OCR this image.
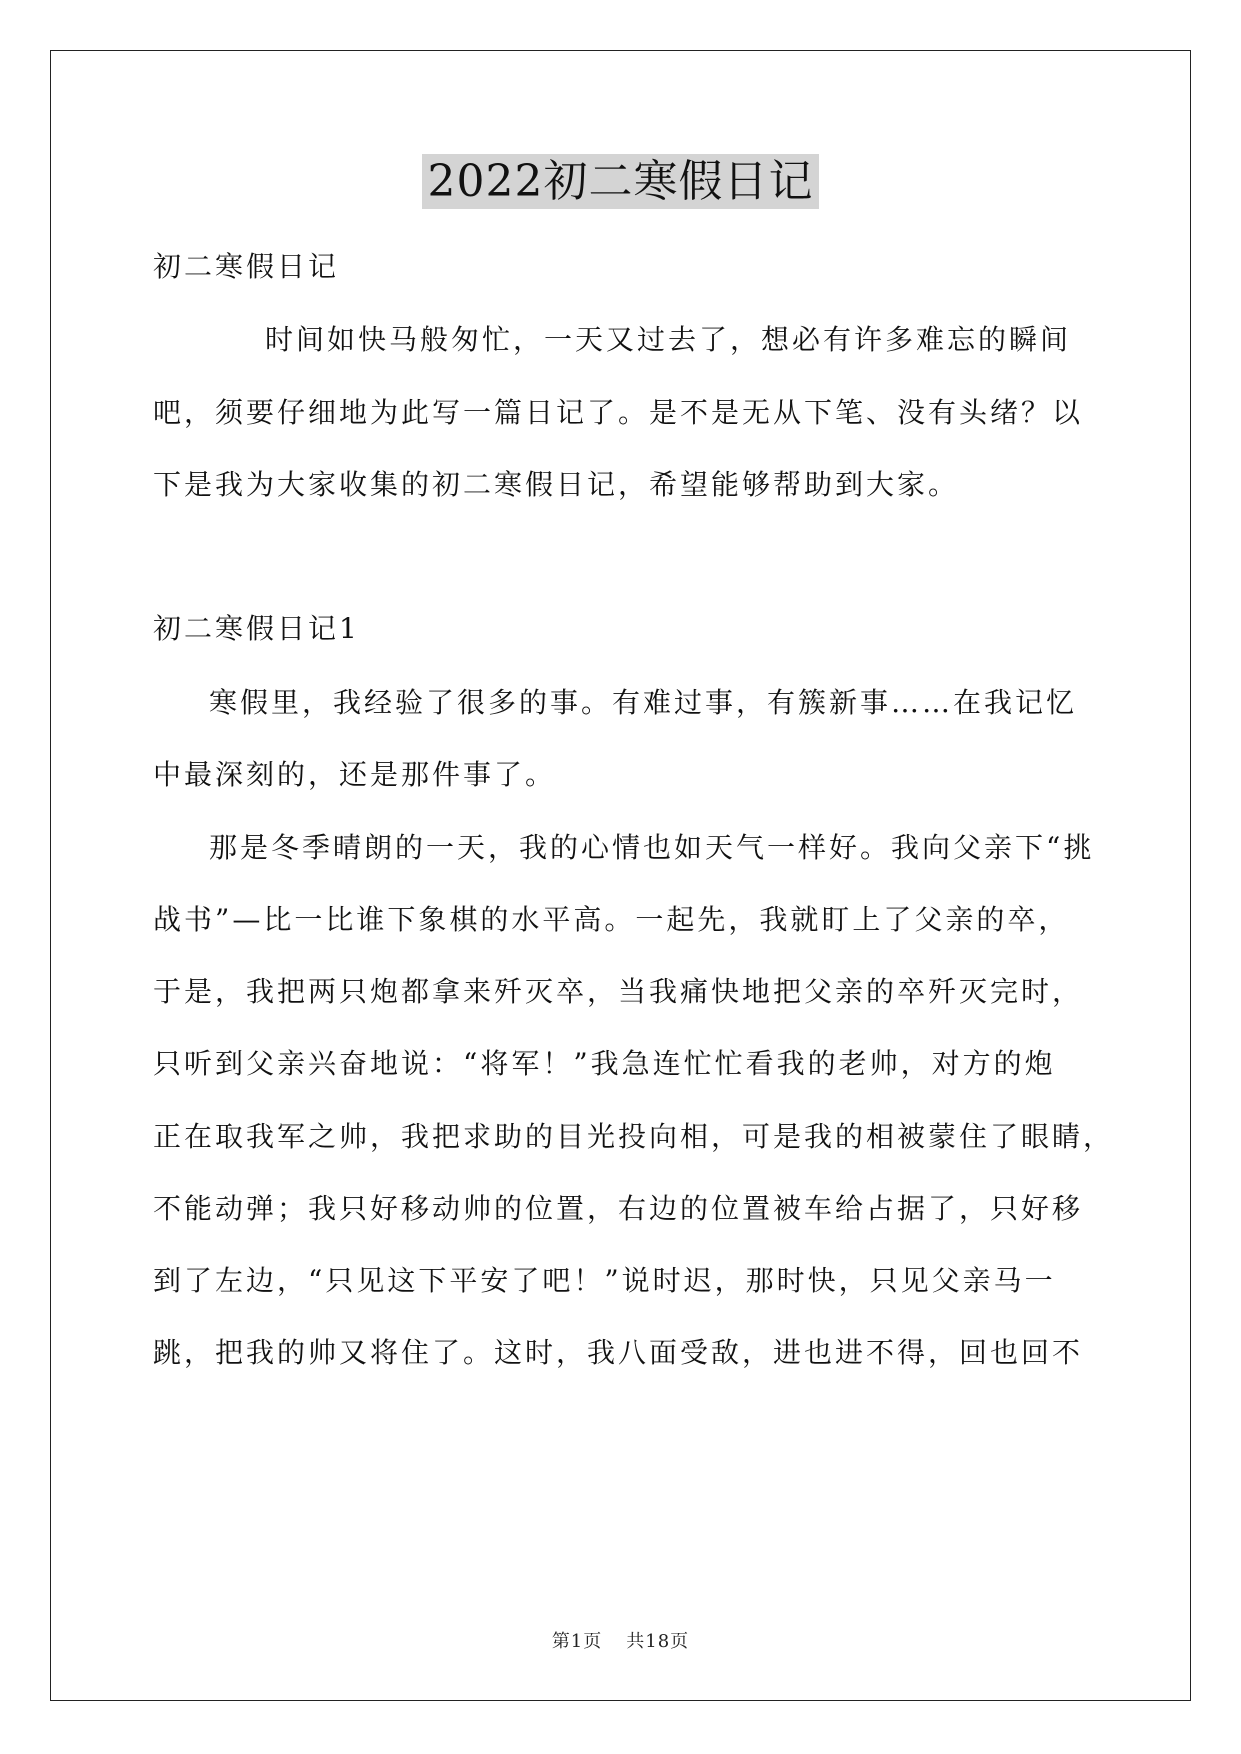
2022初二寒假日记
初二寒假日记
时间如快马般匆忙，一天又过去了，想必有许多难忘的瞬间
吧，须要仔细地为此写一篇日记了。是不是无从下笔、没有头绪？以
下是我为大家收集的初二寒假日记，希望能够帮助到大家。
初二寒假日记1
寒假里，我经验了很多的事。有难过事，有簇新事……在我记忆
中最深刻的，还是那件事了。
那是冬季晴朗的一天，我的心情也如天气一样好。我向父亲下“挑
战书”—比一比谁下象棋的水平高。一起先，我就盯上了父亲的卒，
于是，我把两只炮都拿来歼灭卒，当我痛快地把父亲的卒歼灭完时，
只听到父亲兴奋地说：“将军！”我急连忙忙看我的老帅，对方的炮
正在取我军之帅，我把求助的目光投向相，可是我的相被蒙住了眼睛，
不能动弹；我只好移动帅的位置，右边的位置被车给占据了，只好移
到了左边，“只见这下平安了吧！”说时迟，那时快，只见父亲马一
跳，把我的帅又将住了。这时，我八面受敌，进也进不得，回也回不
第1页 共18页
